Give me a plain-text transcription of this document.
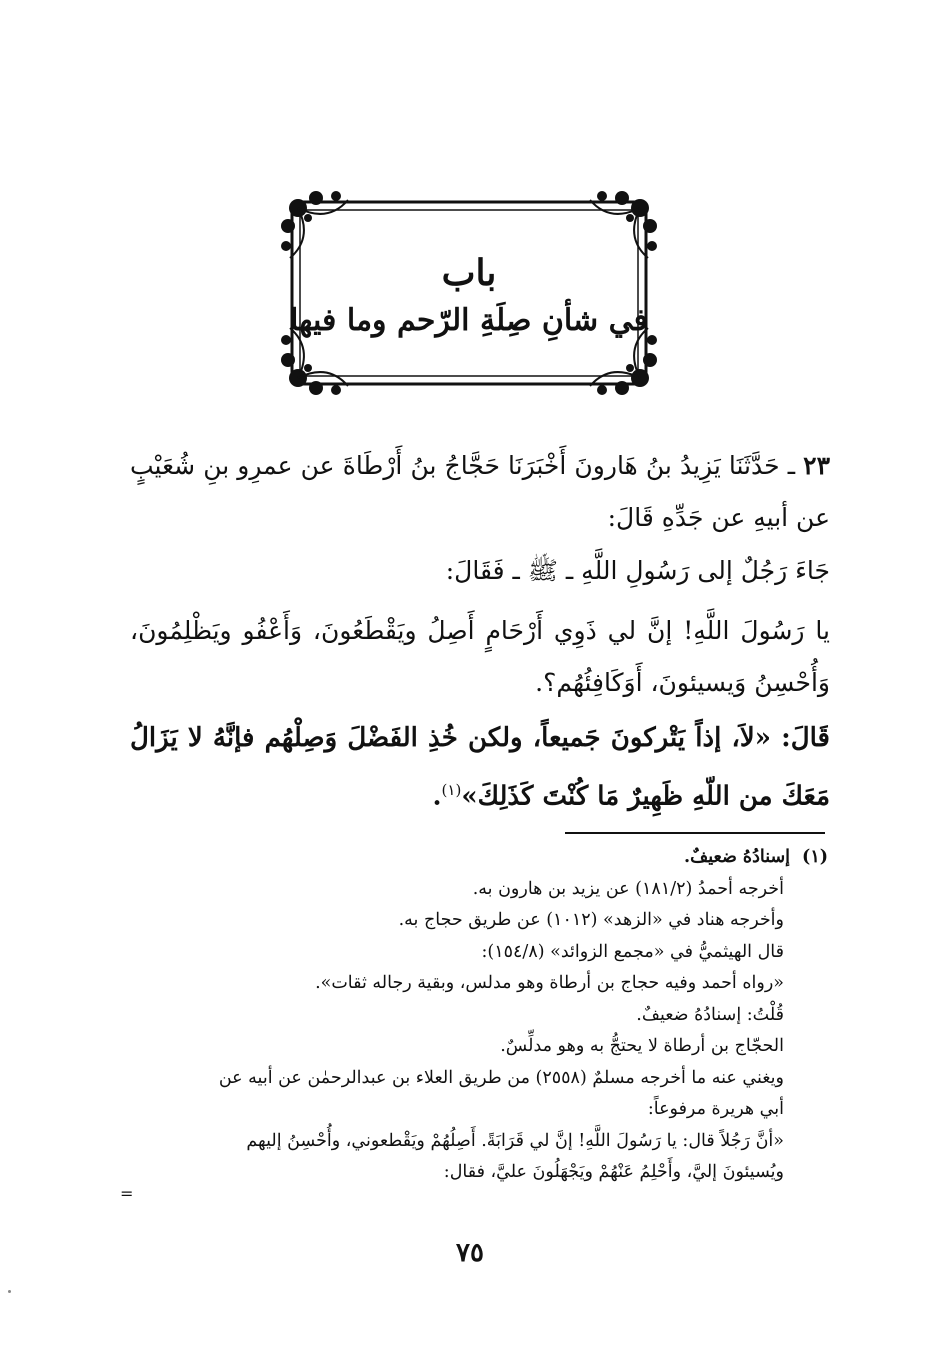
باب
في شأنِ صِلَةِ الرّحم وما فيها

٢٣ ـ حَدَّثَنَا يَزِيدُ بنُ هَارونَ أَخْبَرَنَا حَجَّاجُ بنُ أَرْطَاةَ عن عمرِو بنِ شُعَيْبٍ عن أبيهِ عن جَدِّهِ قَالَ:

جَاءَ رَجُلٌ إلى رَسُولِ اللَّهِ ـ ﷺ ـ فَقَالَ:

يا رَسُولَ اللَّهِ! إنَّ لي ذَوِي أَرْحَامٍ أَصِلُ ويَقْطَعُونَ، وَأَعْفُو ويَظْلِمُونَ، وَأُحْسِنُ وَيسيئونَ، أَوَكَافِئُهُم؟.

قَالَ: «لاَ، إذاً يَتْركونَ جَميعاً، ولكن خُذِ الفَضْلَ وَصِلْهُم فإنَّهُ لا يَزَالُ مَعَكَ من اللّهِ ظَهِيرٌ مَا كُنْتَ كَذَلِكَ»$^{(١)}$.

(١)إسنادُهُ ضعيفٌ.
أخرجه أحمدُ (١٨١/٢) عن يزيد بن هارون به.
وأخرجه هناد في «الزهد» (١٠١٢) عن طريق حجاج به.
قال الهيثميُّ في «مجمع الزوائد» (١٥٤/٨):
«رواه أحمد وفيه حجاج بن أرطاة وهو مدلس، وبقية رجاله ثقات».
قُلْتُ: إسنادُهُ ضعيفٌ.
الحجّاج بن أرطاة لا يحتجُّ به وهو مدلِّسٌ.
ويغني عنه ما أخرجه مسلمٌ (٢٥٥٨) من طريق العلاء بن عبدالرحمٰن عن أبيه عن
أبي هريرة مرفوعاً:
«أنَّ رَجُلاً قال: يا رَسُولَ اللَّهِ! إنَّ لي قَرَابَةً. أَصِلُهُمْ ويَقْطعوني، وأُحْسِنُ إليهم
ويُسيئونَ إليَّ، وأَحْلِمُ عَنْهُمْ ويَجْهَلُونَ عليَّ، فقال:
=
٧٥
